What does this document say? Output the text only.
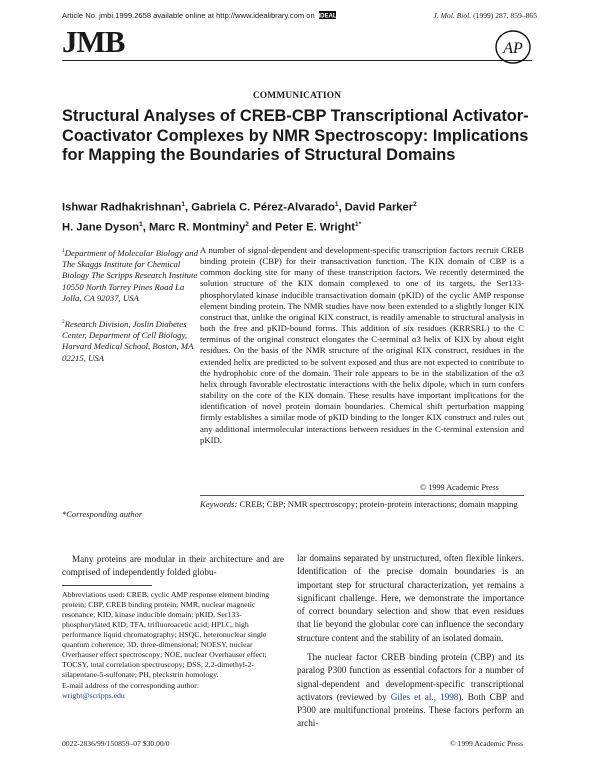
Article No. jmbi.1999.2658 available online at http://www.idealibrary.com on IDEAL	J. Mol. Biol. (1999) 287, 859–865
JMB	AP
COMMUNICATION
Structural Analyses of CREB-CBP Transcriptional Activator-Coactivator Complexes by NMR Spectroscopy: Implications for Mapping the Boundaries of Structural Domains
Ishwar Radhakrishnan$^1$, Gabriela C. Pérez-Alvarado$^1$, David Parker$^2$
H. Jane Dyson$^1$, Marc R. Montminy$^2$ and Peter E. Wright$^{1*}$
$^1$Department of Molecular Biology and The Skaggs Institute for Chemical Biology The Scripps Research Institute 10550 North Torrey Pines Road La Jolla, CA 92037, USA
$^2$Research Division, Joslin Diabetes Center, Department of Cell Biology, Harvard Medical School, Boston, MA 02215, USA
*Corresponding author

A number of signal-dependent and development-specific transcription factors recruit CREB binding protein (CBP) for their transactivation function. The KIX domain of CBP is a common docking site for many of these transcription factors. We recently determined the solution structure of the KIX domain complexed to one of its targets, the Ser133-phosphorylated kinase inducible transactivation domain (pKID) of the cyclic AMP response element binding protein. The NMR studies have now been extended to a slightly longer KIX construct that, unlike the original KIX construct, is readily amenable to structural analysis in both the free and pKID-bound forms. This addition of six residues (KRRSRL) to the C terminus of the original construct elongates the C-terminal α3 helix of KIX by about eight residues. On the basis of the NMR structure of the original KIX construct, residues in the extended helix are predicted to be solvent exposed and thus are not expected to contribute to the hydrophobic core of the domain. Their role appears to be in the stabilization of the α3 helix through favorable electrostatic interactions with the helix dipole, which in turn confers stability on the core of the KIX domain. These results have important implications for the identification of novel protein domain boundaries. Chemical shift perturbation mapping firmly establishes a similar mode of pKID binding to the longer KIX construct and rules out any additional intermolecular interactions between residues in the C-terminal extension and pKID.

© 1999 Academic Press

Keywords: CREB; CBP; NMR spectroscopy; protein-protein interactions; domain mapping

Many proteins are modular in their architecture and are comprised of independently folded globu-

Abbreviations used: CREB, cyclic AMP response element binding protein; CBP, CREB binding protein; NMR, nuclear magnetic resonance; KID, kinase inducible domain; pKID, Ser133-phosphorylated KID; TFA, trifluoroacetic acid; HPLC, high performance liquid chromatography; HSQC, heteronuclear single quantum coherence; 3D, three-dimensional; NOESY, nuclear Overhauser effect spectroscopy; NOE, nuclear Overhauser effect; TOCSY, total correlation spectroscopy; DSS, 2,2-dimethyl-2-silapentane-5-sulfonate; PH, pleckstrin homology.

E-mail address of the corresponding author:
wright@scripps.edu

lar domains separated by unstructured, often flexible linkers. Identification of the precise domain boundaries is an important step for structural characterization, yet remains a significant challenge. Here, we demonstrate the importance of correct boundary selection and show that even residues that lie beyond the globular core can influence the secondary structure content and the stability of an isolated domain.

The nuclear factor CREB binding protein (CBP) and its paralog P300 function as essential cofactors for a number of signal-dependent and development-specific transcriptional activators (reviewed by Giles et al., 1998). Both CBP and P300 are multifunctional proteins. These factors perform an archi-

0022-2836/99/150859–07 $30.00/0	© 1999 Academic Press
